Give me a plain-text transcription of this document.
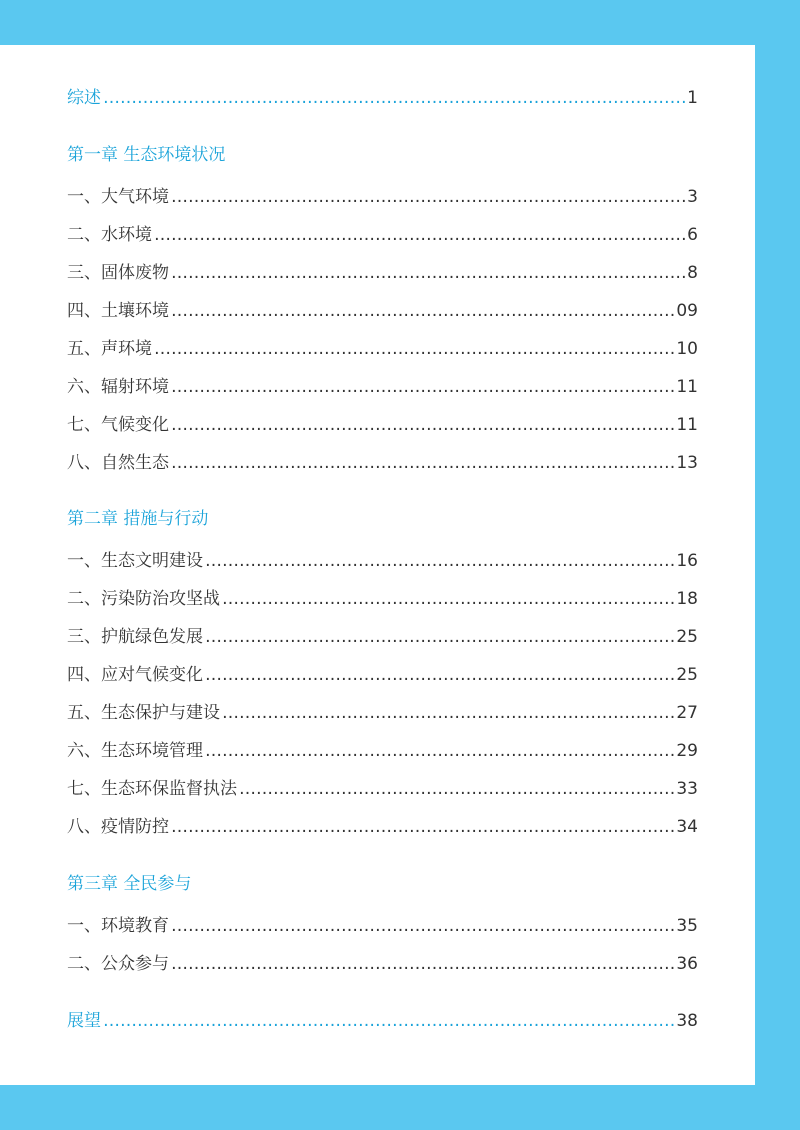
综述 …………………………………………………………………………………………………………………………………………………………	1
第一章 生态环境状况
一、大气环境 …………………………………………………………………………………………………………………………………………………………	3
二、水环境 …………………………………………………………………………………………………………………………………………………………	6
三、固体废物 …………………………………………………………………………………………………………………………………………………………	8
四、土壤环境 …………………………………………………………………………………………………………………………………………………………	09
五、声环境 …………………………………………………………………………………………………………………………………………………………	10
六、辐射环境 …………………………………………………………………………………………………………………………………………………………	11
七、气候变化 …………………………………………………………………………………………………………………………………………………………	11
八、自然生态 …………………………………………………………………………………………………………………………………………………………	13
第二章 措施与行动
一、生态文明建设 …………………………………………………………………………………………………………………………………………………………	16
二、污染防治攻坚战 …………………………………………………………………………………………………………………………………………………………	18
三、护航绿色发展 …………………………………………………………………………………………………………………………………………………………	25
四、应对气候变化 …………………………………………………………………………………………………………………………………………………………	25
五、生态保护与建设 …………………………………………………………………………………………………………………………………………………………	27
六、生态环境管理 …………………………………………………………………………………………………………………………………………………………	29
七、生态环保监督执法 …………………………………………………………………………………………………………………………………………………………	33
八、疫情防控 …………………………………………………………………………………………………………………………………………………………	34
第三章 全民参与
一、环境教育 …………………………………………………………………………………………………………………………………………………………	35
二、公众参与 …………………………………………………………………………………………………………………………………………………………	36
展望 …………………………………………………………………………………………………………………………………………………………	38
